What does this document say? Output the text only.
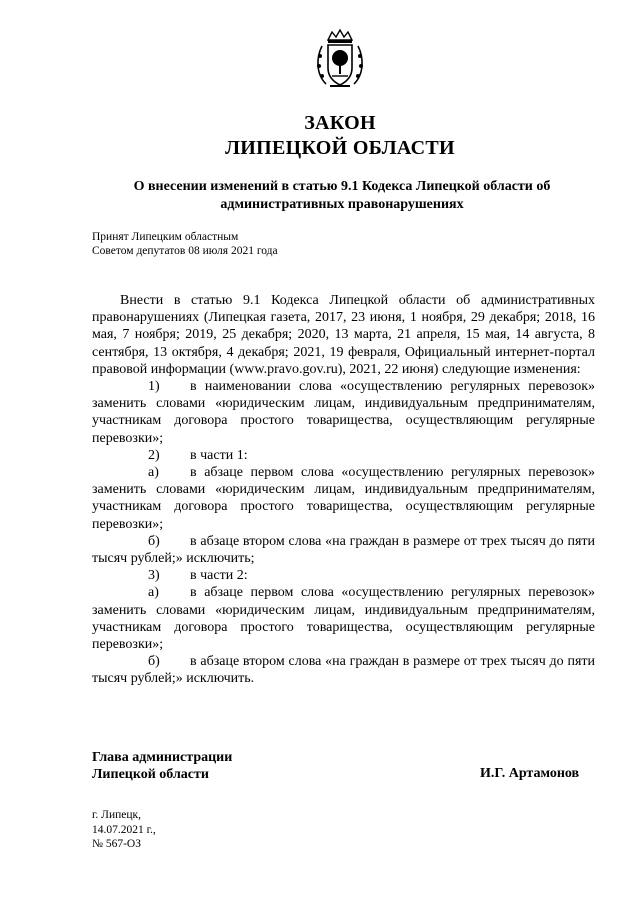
ЗАКОН
ЛИПЕЦКОЙ ОБЛАСТИ
О внесении изменений в статью 9.1 Кодекса Липецкой области об административных правонарушениях
Принят Липецким областным
Советом депутатов 08 июля 2021 года

Внести в статью 9.1 Кодекса Липецкой области об административных правонарушениях (Липецкая газета, 2017, 23 июня, 1 ноября, 29 декабря; 2018, 16 мая, 7 ноября; 2019, 25 декабря; 2020, 13 марта, 21 апреля, 15 мая, 14 августа, 8 сентября, 13 октября, 4 декабря; 2021, 19 февраля, Официальный интернет-портал правовой информации (www.pravo.gov.ru), 2021, 22 июня) следующие изменения:

1) в наименовании слова «осуществлению регулярных перевозок» заменить словами «юридическим лицам, индивидуальным предпринимателям, участникам договора простого товарищества, осуществляющим регулярные перевозки»;

2) в части 1:

а) в абзаце первом слова «осуществлению регулярных перевозок» заменить словами «юридическим лицам, индивидуальным предпринимателям, участникам договора простого товарищества, осуществляющим регулярные перевозки»;

б) в абзаце втором слова «на граждан в размере от трех тысяч до пяти тысяч рублей;» исключить;

3) в части 2:

а) в абзаце первом слова «осуществлению регулярных перевозок» заменить словами «юридическим лицам, индивидуальным предпринимателям, участникам договора простого товарищества, осуществляющим регулярные перевозки»;

б) в абзаце втором слова «на граждан в размере от трех тысяч до пяти тысяч рублей;» исключить.

Глава администрации
Липецкой области	И.Г. Артамонов
г. Липецк,
14.07.2021 г.,
№ 567-ОЗ
